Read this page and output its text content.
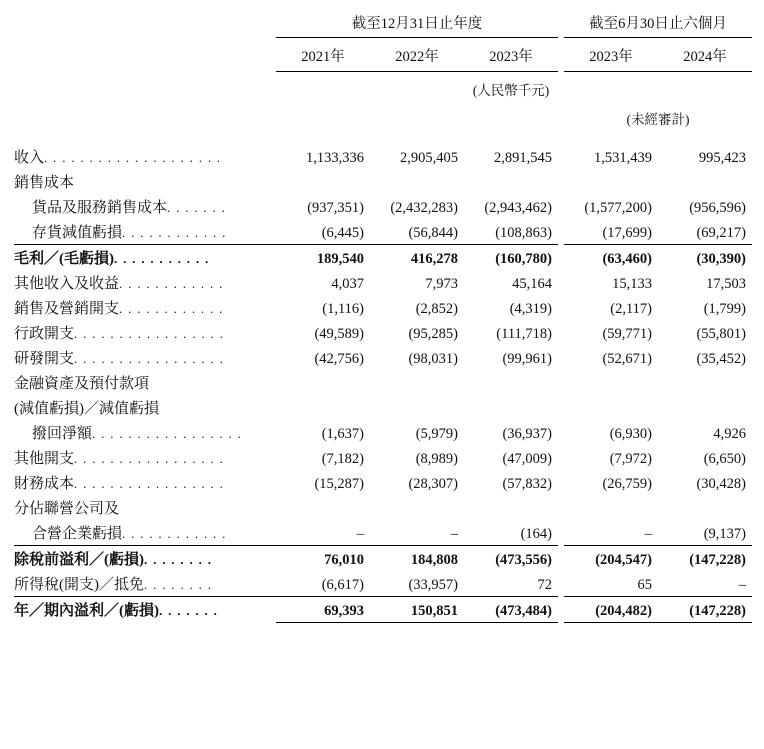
	截至12月31日止年度				截至6月30日止六個月	

	2021年	2022年	2023年		2023年	2024年
			(人民幣千元)			
					(未經審計)	

收入. . . . . . . . . . . . . . . . . . . .	1,133,336	2,905,405	2,891,545		1,531,439	995,423
銷售成本						
貨品及服務銷售成本. . . . . . .	(937,351)	(2,432,283)	(2,943,462)		(1,577,200)	(956,596)
存貨減值虧損. . . . . . . . . . . .	(6,445)	(56,844)	(108,863)		(17,699)	(69,217)
毛利／(毛虧損). . . . . . . . . . .	189,540	416,278	(160,780)		(63,460)	(30,390)
其他收入及收益. . . . . . . . . . . .	4,037	7,973	45,164		15,133	17,503
銷售及營銷開支. . . . . . . . . . . .	(1,116)	(2,852)	(4,319)		(2,117)	(1,799)
行政開支. . . . . . . . . . . . . . . . .	(49,589)	(95,285)	(111,718)		(59,771)	(55,801)
研發開支. . . . . . . . . . . . . . . . .	(42,756)	(98,031)	(99,961)		(52,671)	(35,452)
金融資產及預付款項						
(減值虧損)／減值虧損						
撥回淨額. . . . . . . . . . . . . . . . .	(1,637)	(5,979)	(36,937)		(6,930)	4,926
其他開支. . . . . . . . . . . . . . . . .	(7,182)	(8,989)	(47,009)		(7,972)	(6,650)
財務成本. . . . . . . . . . . . . . . . .	(15,287)	(28,307)	(57,832)		(26,759)	(30,428)
分佔聯營公司及						
合營企業虧損. . . . . . . . . . . .	–	–	(164)		–	(9,137)
除稅前溢利／(虧損). . . . . . . .	76,010	184,808	(473,556)		(204,547)	(147,228)
所得稅(開支)／抵免. . . . . . . .	(6,617)	(33,957)	72		65	–
年／期內溢利／(虧損). . . . . . .	69,393	150,851	(473,484)		(204,482)	(147,228)
